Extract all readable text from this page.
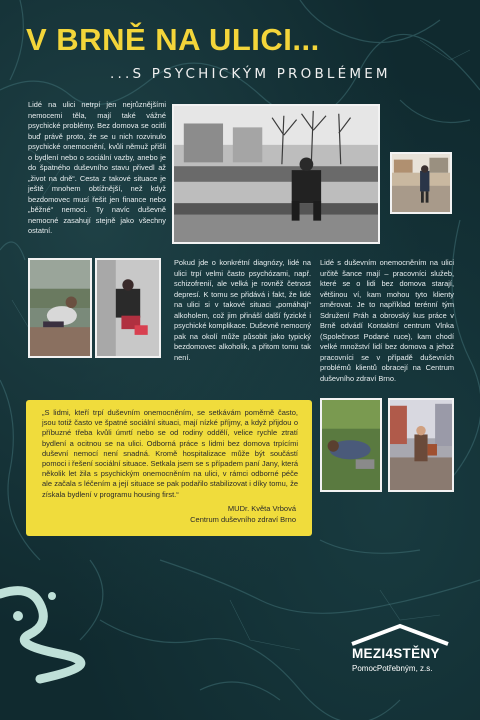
V BRNĚ NA ULICI...
...S PSYCHICKÝM PROBLÉMEM
Lidé na ulici netrpí jen nejrůznějšími nemocemi těla, mají také vážné psychické problémy. Bez domova se ocitli buď právě proto, že se u nich rozvinulo psychické onemocnění, kvůli němuž přišli o bydlení nebo o sociální vazby, anebo je do špatného duševního stavu přivedl až „život na dně“. Cesta z takové situace je ještě mnohem obtížnější, než když bezdomovec musí řešit jen finance nebo „běžné“ nemoci. Ty navíc duševně nemocné zasahují stejně jako všechny ostatní.
Pokud jde o konkrétní diagnózy, lidé na ulici trpí velmi často psychózami, např. schizofrenií, ale velká je rovněž četnost depresí. K tomu se přidává i fakt, že lidé na ulici si v takové situaci „pomáhají“ alkoholem, což jim přináší další fyzické i psychické komplikace. Duševně nemocný pak na okolí může působit jako typický bezdomovec alkoholik, a přitom tomu tak není.
Lidé s duševním onemocněním na ulici určitě šance mají – pracovníci služeb, které se o lidi bez domova starají, většinou ví, kam mohou tyto klienty směrovat. Je to například terénní tým Sdružení Práh a obrovský kus práce v Brně odvádí Kontaktní centrum Vlnka (Společnost Podané ruce), kam chodí velké množství lidí bez domova a jehož pracovníci se v případě duševních problémů klientů obracejí na Centrum duševního zdraví Brno.
„S lidmi, kteří trpí duševním onemocněním, se setkávám poměrně často, jsou totiž často ve špatné sociální situaci, mají nízké příjmy, a když přijdou o příbuzné třeba kvůli úmrtí nebo se od rodiny oddělí, velice rychle ztratí bydlení a ocitnou se na ulici. Odborná práce s lidmi bez domova trpícími duševní nemocí není snadná. Kromě hospitalizace může být součástí pomoci i řešení sociální situace. Setkala jsem se s případem paní Jany, která několik let žila s psychickým onemocněním na ulici, v rámci odborné péče ale začala s léčením a její situace se pak podařilo stabilizovat i díky tomu, že získala bydlení v programu housing first.“
MUDr. Květa Vrbová
Centrum duševního zdraví Brno
MEZI4STĚNY
PomocPotřebným, z.s.
